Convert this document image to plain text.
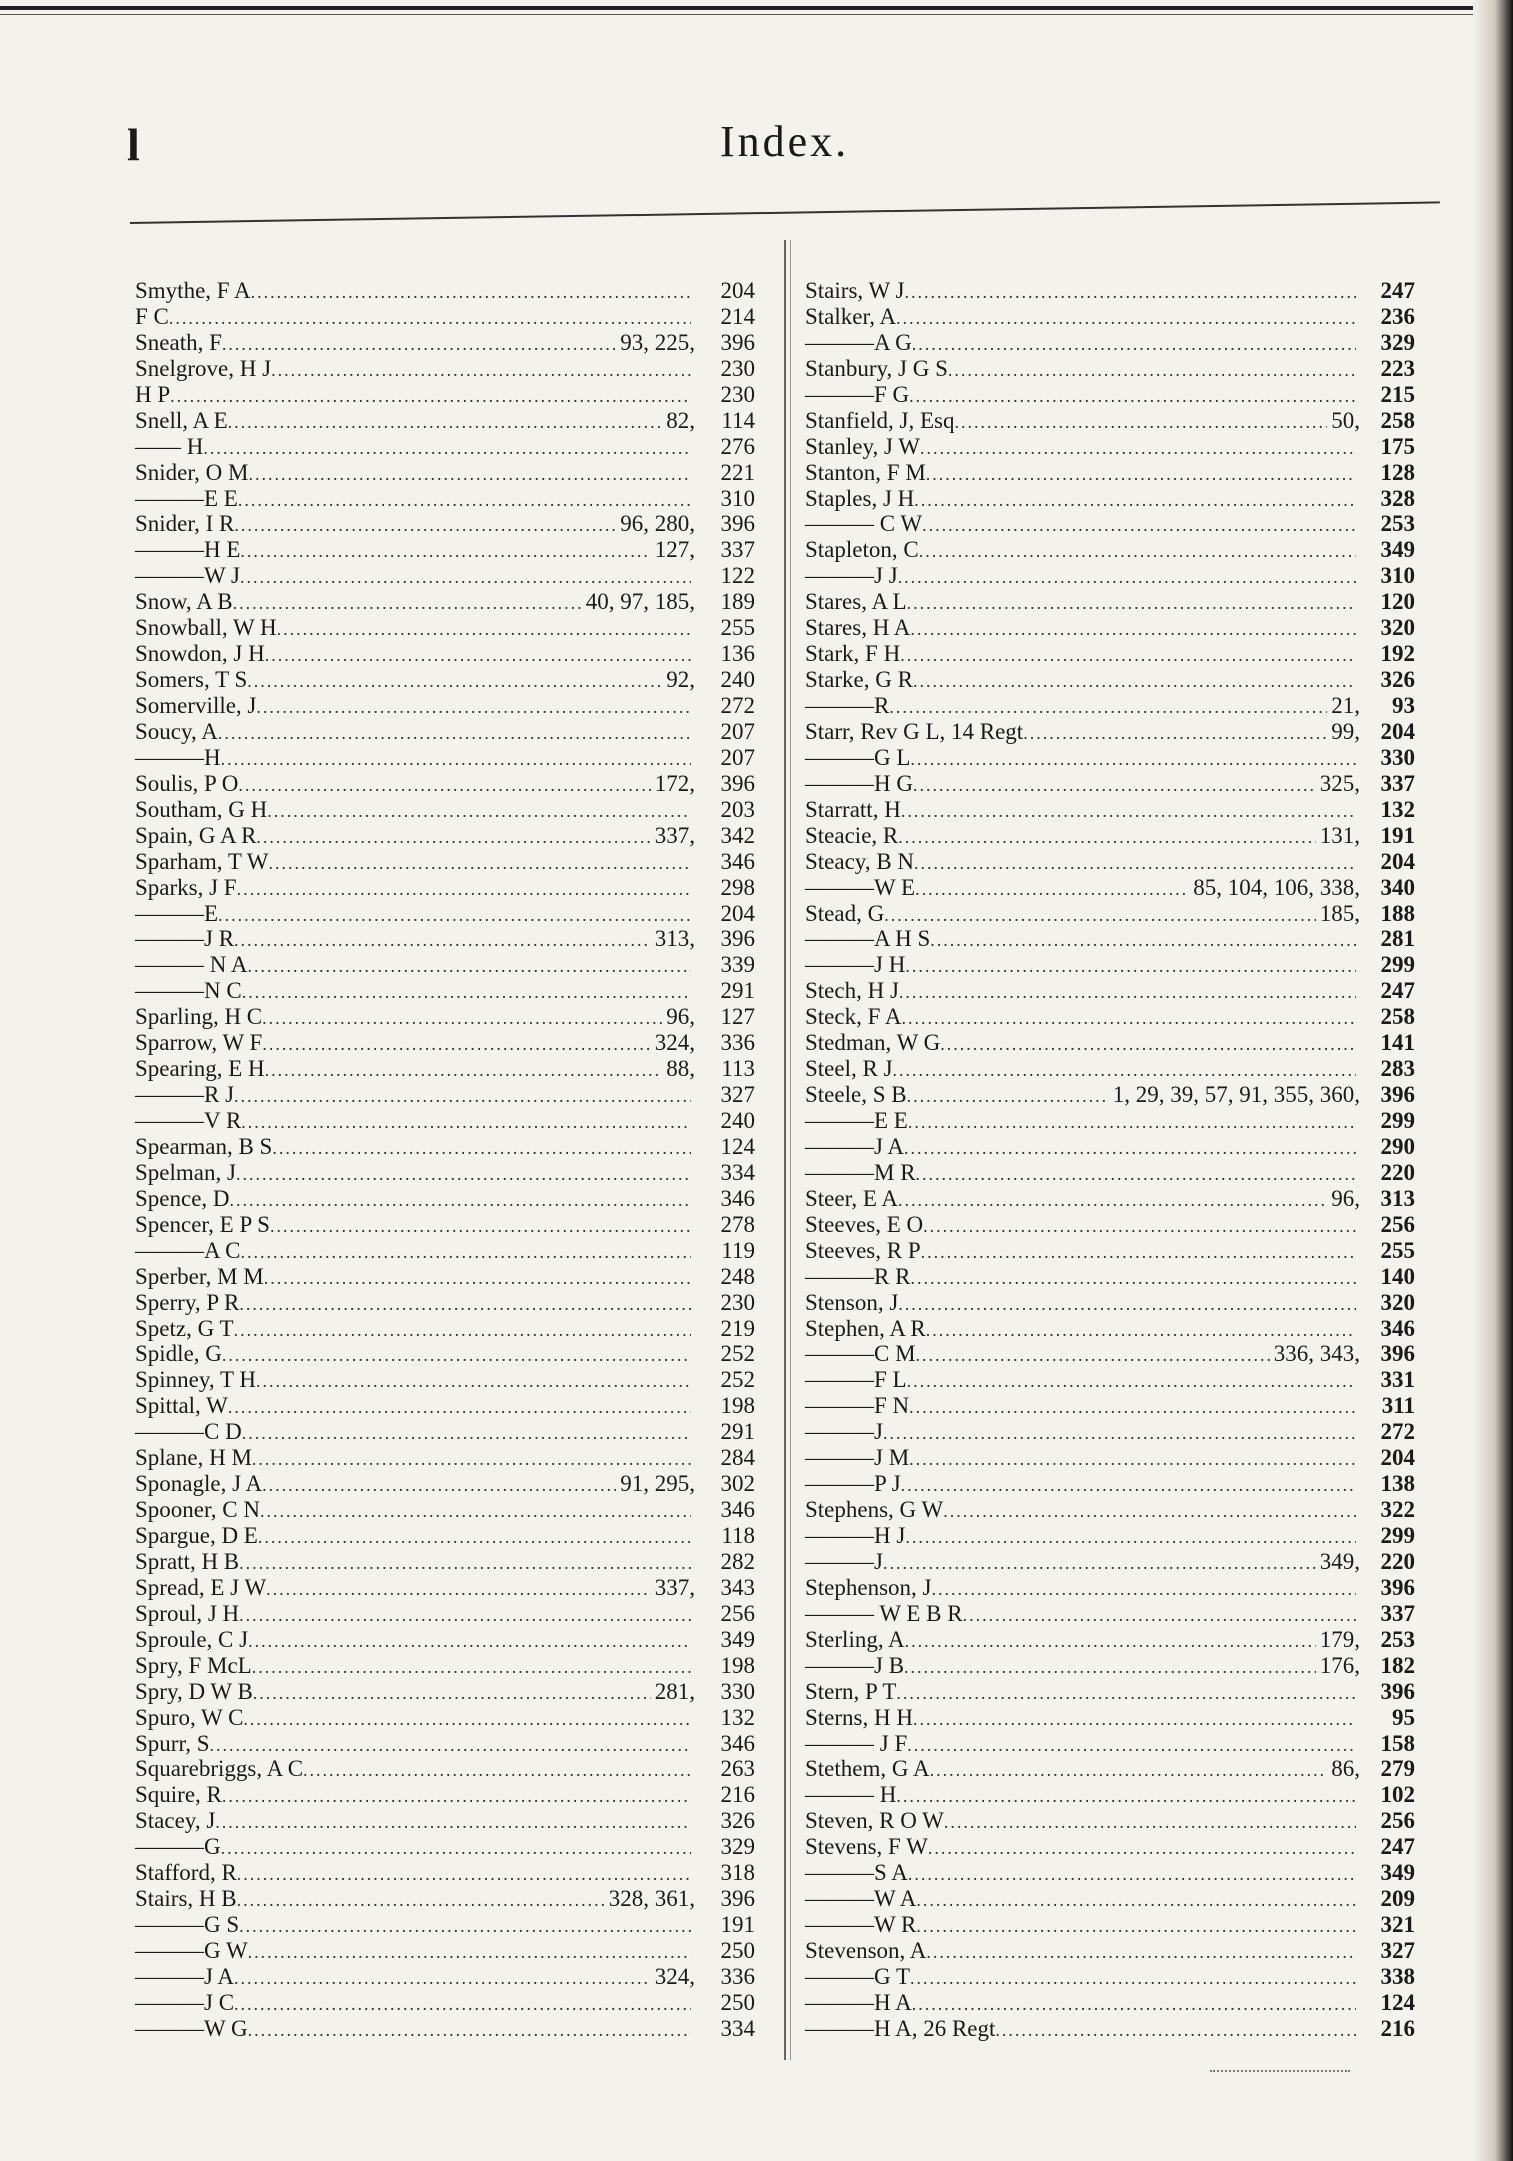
l	Index.
Smythe, F A .....	204
F C .....	214
Sneath, F .....	93, 225,	396
Snelgrove, H J .....	230
H P .....	230
Snell, A E .....	82,	114
—— H .....	276
Snider, O M .....	221
———E E .....	310
Snider, I R .....	96, 280,	396
———H E .....	127,	337
———W J .....	122
Snow, A B .....	40, 97, 185,	189
Snowball, W H .....	255
Snowdon, J H .....	136
Somers, T S .....	92,	240
Somerville, J .....	272
Soucy, A .....	207
———H .....	207
Soulis, P O .....	172,	396
Southam, G H .....	203
Spain, G A R .....	337,	342
Sparham, T W .....	346
Sparks, J F .....	298
———E .....	204
———J R .....	313,	396
——— N A .....	339
———N C .....	291
Sparling, H C .....	96,	127
Sparrow, W F .....	324,	336
Spearing, E H .....	88,	113
———R J .....	327
———V R .....	240
Spearman, B S .....	124
Spelman, J .....	334
Spence, D .....	346
Spencer, E P S .....	278
———A C .....	119
Sperber, M M .....	248
Sperry, P R .....	230
Spetz, G T .....	219
Spidle, G .....	252
Spinney, T H .....	252
Spittal, W .....	198
———C D .....	291
Splane, H M .....	284
Sponagle, J A .....	91, 295,	302
Spooner, C N .....	346
Spargue, D E .....	118
Spratt, H B .....	282
Spread, E J W .....	337,	343
Sproul, J H .....	256
Sproule, C J .....	349
Spry, F McL .....	198
Spry, D W B .....	281,	330
Spuro, W C .....	132
Spurr, S .....	346
Squarebriggs, A C .....	263
Squire, R .....	216
Stacey, J .....	326
———G .....	329
Stafford, R .....	318
Stairs, H B .....	328, 361,	396
———G S .....	191
———G W .....	250
———J A .....	324,	336
———J C .....	250
———W G .....	334
Stairs, W J .....	247
Stalker, A .....	236
———A G .....	329
Stanbury, J G S .....	223
———F G .....	215
Stanfield, J, Esq .....	50, 258
Stanley, J W .....	175
Stanton, F M .....	128
Staples, J H .....	328
——— C W .....	253
Stapleton, C .....	349
———J J .....	310
Stares, A L .....	120
Stares, H A .....	320
Stark, F H .....	192
Starke, G R .....	326
———R .....	21,	93
Starr, Rev G L, 14 Regt .....	99, 204
———G L .....	330
———H G .....	325, 337
Starratt, H .....	132
Steacie, R .....	131, 191
Steacy, B N .....	204
———W E .....	85, 104, 106, 338, 340
Stead, G .....	185, 188
———A H S .....	281
———J H .....	299
Stech, H J .....	247
Steck, F A .....	258
Stedman, W G .....	141
Steel, R J .....	283
Steele, S B .....	1, 29, 39, 57, 91, 355, 360, 396
———E E .....	299
———J A .....	290
———M R .....	220
Steer, E A .....	96, 313
Steeves, E O .....	256
Steeves, R P .....	255
———R R .....	140
Stenson, J .....	320
Stephen, A R .....	346
———C M .....	336, 343, 396
———F L .....	331
———F N .....	311
———J .....	272
———J M .....	204
———P J .....	138
Stephens, G W .....	322
———H J .....	299
———J .....	349, 220
Stephenson, J .....	396
——— W E B R .....	337
Sterling, A .....	179, 253
———J B .....	176, 182
Stern, P T .....	396
Sterns, H H .....	95
——— J F .....	158
Stethem, G A .....	86, 279
——— H .....	102
Steven, R O W .....	256
Stevens, F W .....	247
———S A .....	349
———W A .....	209
———W R .....	321
Stevenson, A .....	327
———G T .....	338
———H A .....	124
———H A, 26 Regt .....	216
